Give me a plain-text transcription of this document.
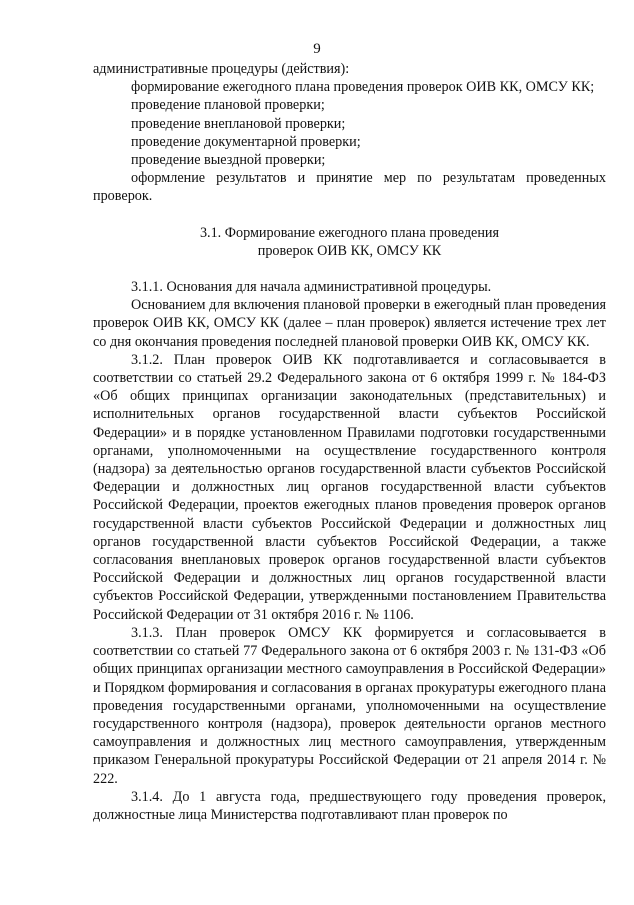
9

административные процедуры (действия):

формирование ежегодного плана проведения проверок ОИВ КК, ОМСУ КК;

проведение плановой проверки;

проведение внеплановой проверки;

проведение документарной проверки;

проведение выездной проверки;

оформление результатов и принятие мер по результатам проведенных проверок.

3.1. Формирование ежегодного плана проведения
проверок ОИВ КК, ОМСУ КК

3.1.1. Основания для начала административной процедуры.

Основанием для включения плановой проверки в ежегодный план проведения проверок ОИВ КК, ОМСУ КК (далее – план проверок) является истечение трех лет со дня окончания проведения последней плановой проверки ОИВ КК, ОМСУ КК.

3.1.2. План проверок ОИВ КК подготавливается и согласовывается в соответствии со статьей 29.2 Федерального закона от 6 октября 1999 г. № 184-ФЗ «Об общих принципах организации законодательных (представительных) и исполнительных органов государственной власти субъектов Российской Федерации» и в порядке установленном Правилами подготовки государственными органами, уполномоченными на осуществление государственного контроля (надзора) за деятельностью органов государственной власти субъектов Российской Федерации и должностных лиц органов государственной власти субъектов Российской Федерации, проектов ежегодных планов проведения проверок органов государственной власти субъектов Российской Федерации и должностных лиц органов государственной власти субъектов Российской Федерации, а также согласования внеплановых проверок органов государственной власти субъектов Российской Федерации и должностных лиц органов государственной власти субъектов Российской Федерации, утвержденными постановлением Правительства Российской Федерации от 31 октября 2016 г. № 1106.

3.1.3. План проверок ОМСУ КК формируется и согласовывается в соответствии со статьей 77 Федерального закона от 6 октября 2003 г. № 131-ФЗ «Об общих принципах организации местного самоуправления в Российской Федерации» и Порядком формирования и согласования в органах прокуратуры ежегодного плана проведения государственными органами, уполномоченными на осуществление государственного контроля (надзора), проверок деятельности органов местного самоуправления и должностных лиц местного самоуправления, утвержденным приказом Генеральной прокуратуры Российской Федерации от 21 апреля 2014 г. № 222.

3.1.4. До 1 августа года, предшествующего году проведения проверок, должностные лица Министерства подготавливают план проверок по
